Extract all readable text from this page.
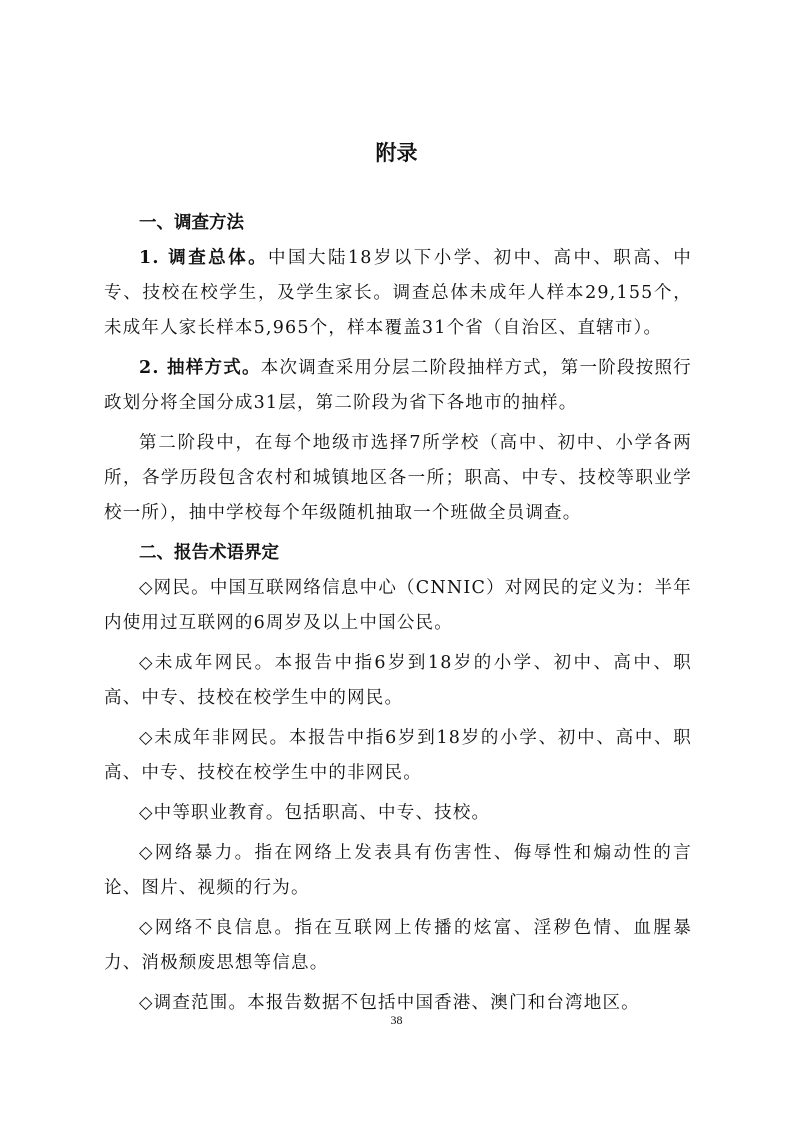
附录
一、调查方法

1. 调查总体。中国大陆18岁以下小学、初中、高中、职高、中专、技校在校学生，及学生家长。调查总体未成年人样本29,155个，未成年人家长样本5,965个，样本覆盖31个省（自治区、直辖市）。

2. 抽样方式。本次调查采用分层二阶段抽样方式，第一阶段按照行政划分将全国分成31层，第二阶段为省下各地市的抽样。

第二阶段中，在每个地级市选择7所学校（高中、初中、小学各两所，各学历段包含农村和城镇地区各一所；职高、中专、技校等职业学校一所），抽中学校每个年级随机抽取一个班做全员调查。

二、报告术语界定

◇网民。中国互联网络信息中心（CNNIC）对网民的定义为：半年内使用过互联网的6周岁及以上中国公民。

◇未成年网民。本报告中指6岁到18岁的小学、初中、高中、职高、中专、技校在校学生中的网民。

◇未成年非网民。本报告中指6岁到18岁的小学、初中、高中、职高、中专、技校在校学生中的非网民。

◇中等职业教育。包括职高、中专、技校。

◇网络暴力。指在网络上发表具有伤害性、侮辱性和煽动性的言论、图片、视频的行为。

◇网络不良信息。指在互联网上传播的炫富、淫秽色情、血腥暴力、消极颓废思想等信息。

◇调查范围。本报告数据不包括中国香港、澳门和台湾地区。

38
